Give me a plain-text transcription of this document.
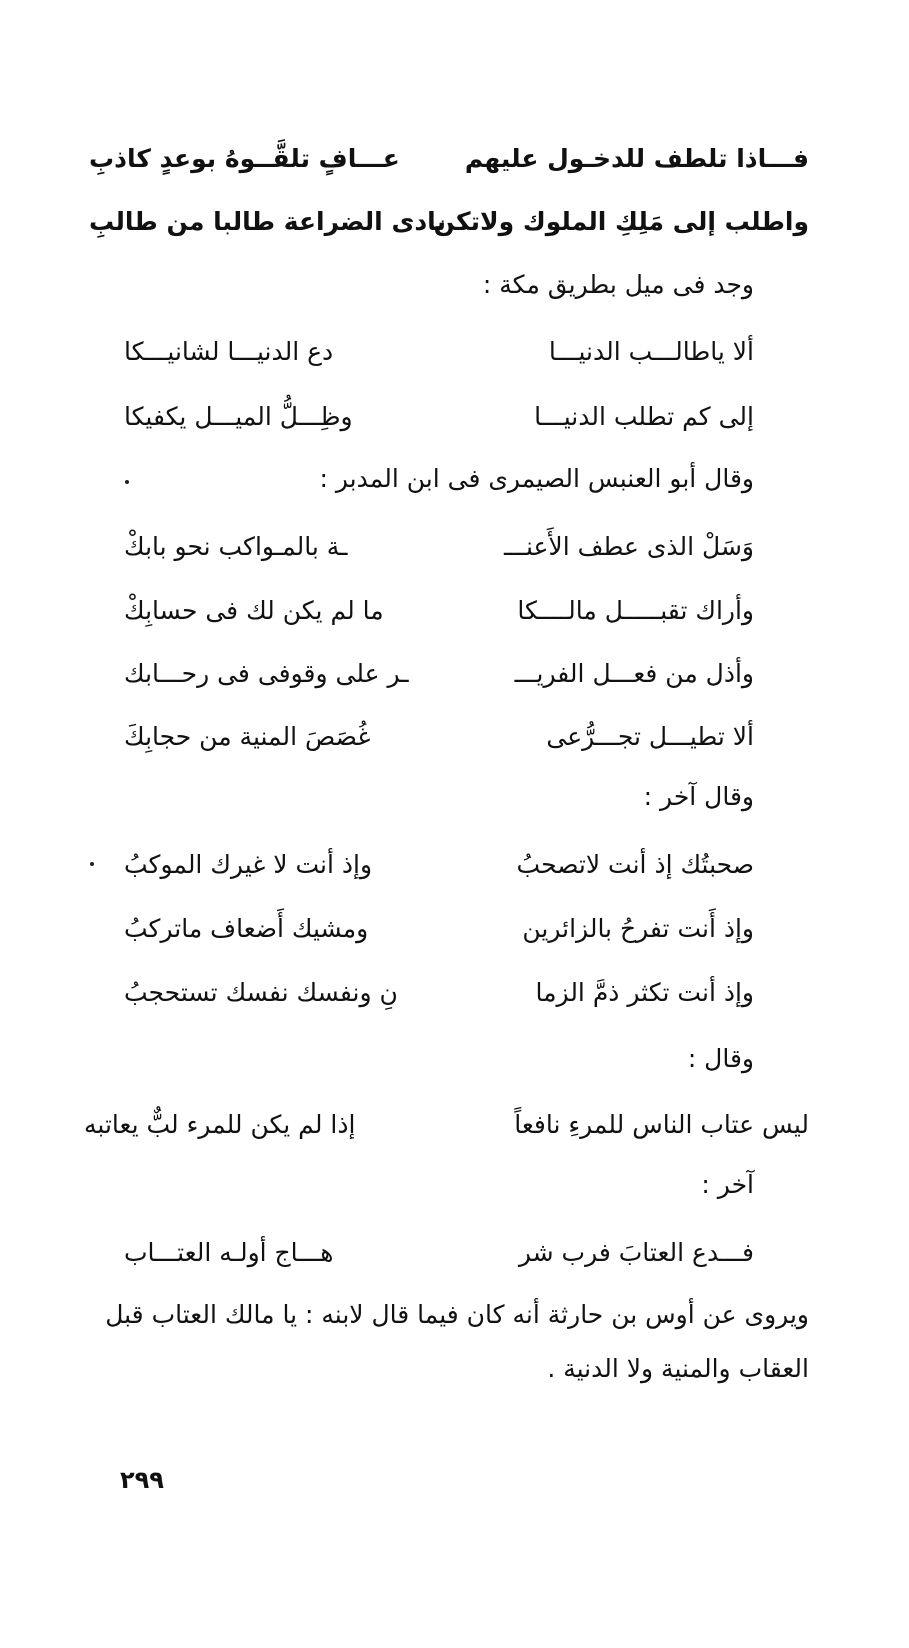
فـــاذا تلطف للدخـول عليهم
عـــافٍ تلقَّــوهُ بوعدٍ كاذبِ
واطلب إلى مَلِكِ الملوك ولاتكن
بادى الضراعة طالبا من طالبِ
وجد فى ميل بطريق مكة :
ألا ياطالـــب الدنيـــا
دع الدنيـــا لشانيـــكا
إلى كم تطلب الدنيـــا
وظِـــلُّ الميـــل يكفيكا
وقال أبو العنبس الصيمرى فى ابن المدبر :
وَسَلْ الذى عطف الأَعنـــ
ـة بالمـواكب نحو بابكْ
وأراك تقبـــــل مالــــكا
ما لم يكن لك فى حسابِكْ
وأذل من فعـــل الفريـــ
ـر على وقوفى فى رحـــابك
ألا تطيـــل تجـــرُّعى
غُصَصَ المنية من حجابِكَ
وقال آخر :
صحبتُك إذ أنت لاتصحبُ
وإذ أنت لا غيرك الموكبُ
وإذ أَنت تفرحُ بالزائرين
ومشيك أَضعاف ماتركبُ
وإذ أنت تكثر ذمَّ الزما
نِ ونفسك نفسك تستحجبُ
وقال :
ليس عتاب الناس للمرءِ نافعاً
إذا لم يكن للمرء لبٌّ يعاتبه
آخر :
فـــدع العتابَ فرب شر
هـــاج أولـه العتـــاب
ويروى عن أوس بن حارثة أنه كان فيما قال لابنه : يا مالك العتاب قبل
العقاب والمنية ولا الدنية .
٢٩٩
